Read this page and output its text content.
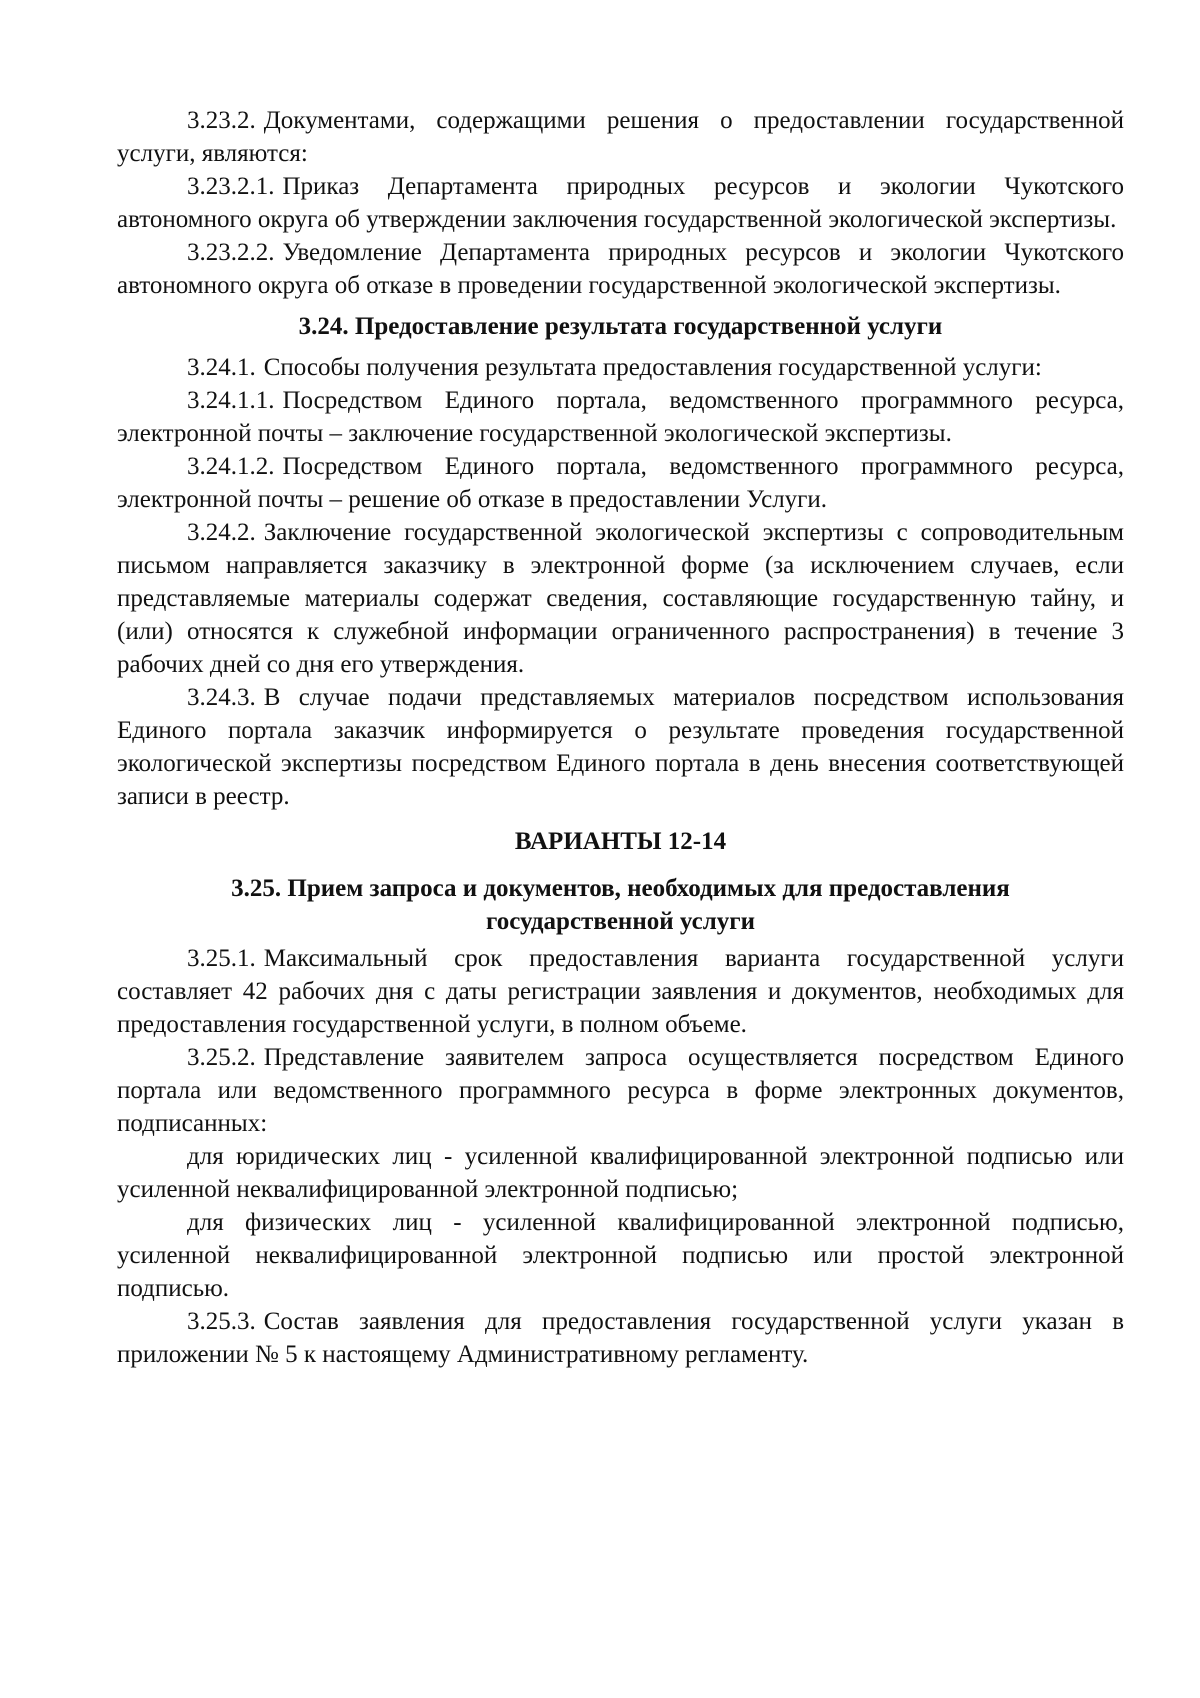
3.23.2. Документами, содержащими решения о предоставлении государственной услуги, являются:

3.23.2.1. Приказ Департамента природных ресурсов и экологии Чукотского автономного округа об утверждении заключения государственной экологической экспертизы.

3.23.2.2. Уведомление Департамента природных ресурсов и экологии Чукотского автономного округа об отказе в проведении государственной экологической экспертизы.

3.24. Предоставление результата государственной услуги

3.24.1. Способы получения результата предоставления государственной услуги:

3.24.1.1. Посредством Единого портала, ведомственного программного ресурса, электронной почты – заключение государственной экологической экспертизы.

3.24.1.2. Посредством Единого портала, ведомственного программного ресурса, электронной почты – решение об отказе в предоставлении Услуги.

3.24.2. Заключение государственной экологической экспертизы с сопроводительным письмом направляется заказчику в электронной форме (за исключением случаев, если представляемые материалы содержат сведения, составляющие государственную тайну, и (или) относятся к служебной информации ограниченного распространения) в течение 3 рабочих дней со дня его утверждения.

3.24.3. В случае подачи представляемых материалов посредством использования Единого портала заказчик информируется о результате проведения государственной экологической экспертизы посредством Единого портала в день внесения соответствующей записи в реестр.

ВАРИАНТЫ 12-14

3.25. Прием запроса и документов, необходимых для предоставления
государственной услуги

3.25.1. Максимальный срок предоставления варианта государственной услуги составляет 42 рабочих дня с даты регистрации заявления и документов, необходимых для предоставления государственной услуги, в полном объеме.

3.25.2. Представление заявителем запроса осуществляется посредством Единого портала или ведомственного программного ресурса в форме электронных документов, подписанных:

для юридических лиц - усиленной квалифицированной электронной подписью или усиленной неквалифицированной электронной подписью;

для физических лиц - усиленной квалифицированной электронной подписью, усиленной неквалифицированной электронной подписью или простой электронной подписью.

3.25.3. Состав заявления для предоставления государственной услуги указан в приложении № 5 к настоящему Административному регламенту.
